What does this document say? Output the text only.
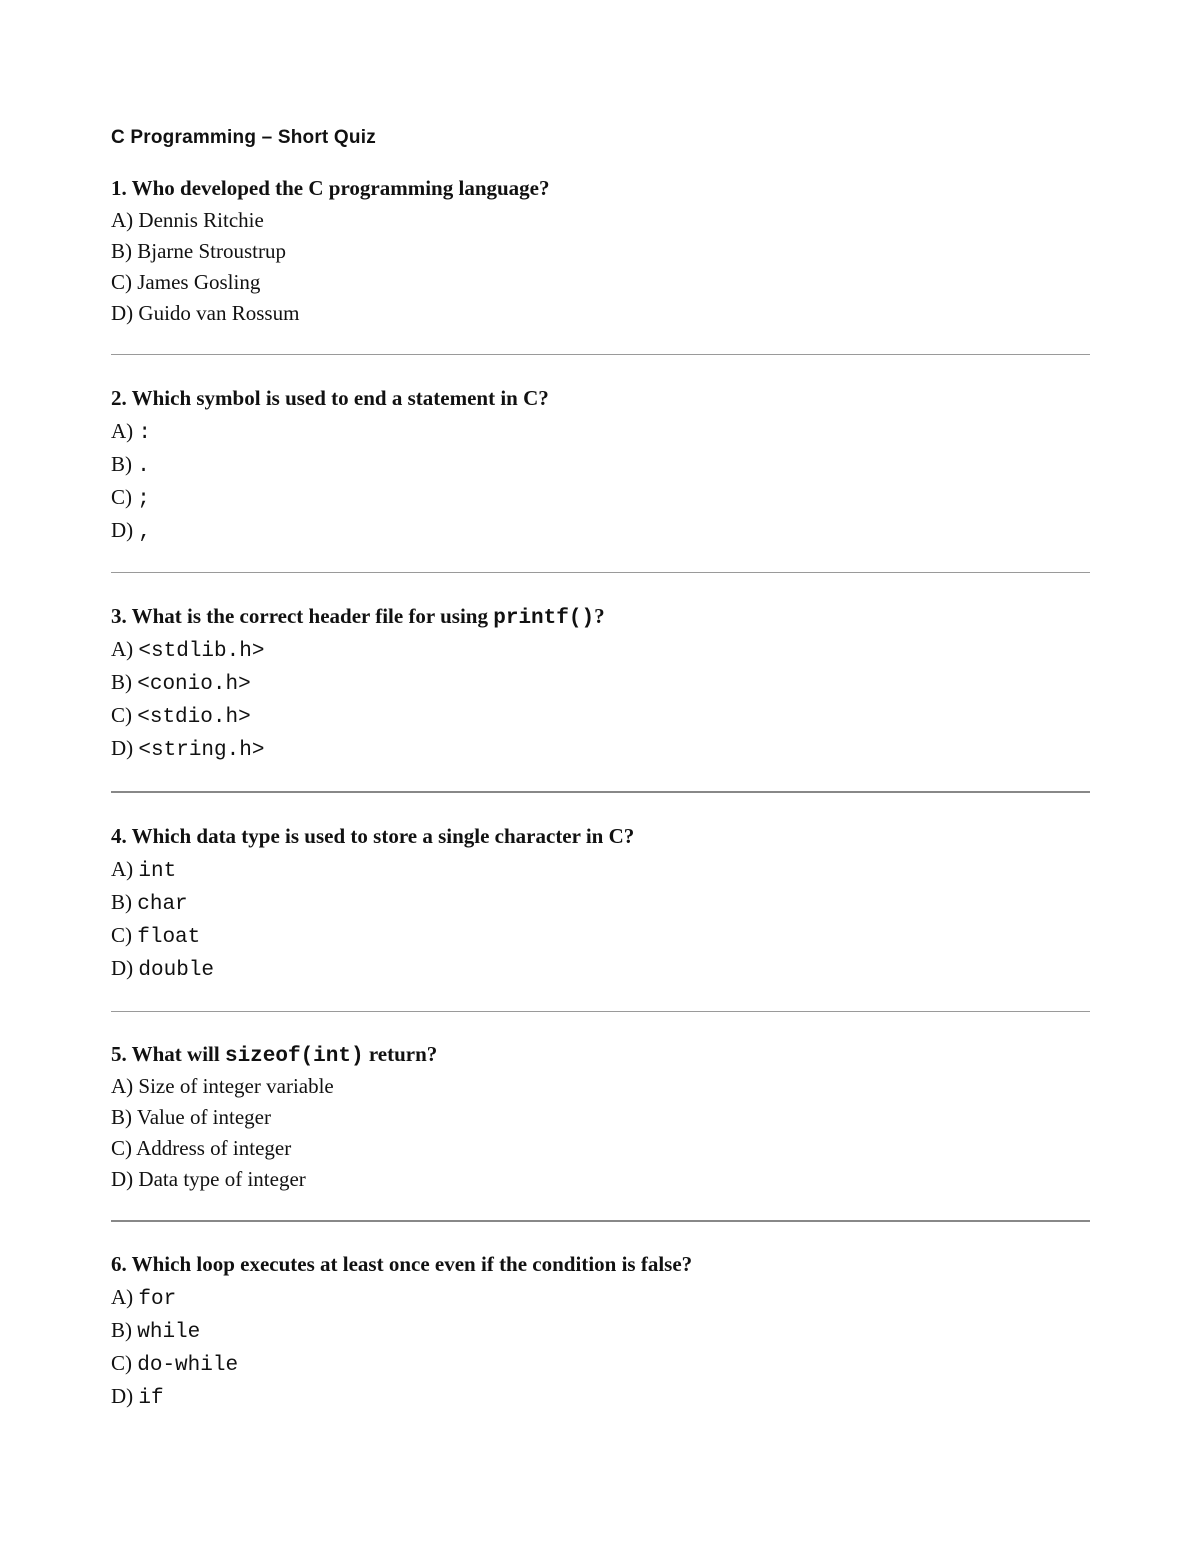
C Programming – Short Quiz
1. Who developed the C programming language?
A) Dennis Ritchie
B) Bjarne Stroustrup
C) James Gosling
D) Guido van Rossum
2. Which symbol is used to end a statement in C?
A) :
B) .
C) ;
D) ,
3. What is the correct header file for using printf()?
A) <stdlib.h>
B) <conio.h>
C) <stdio.h>
D) <string.h>
4. Which data type is used to store a single character in C?
A) int
B) char
C) float
D) double
5. What will sizeof(int) return?
A) Size of integer variable
B) Value of integer
C) Address of integer
D) Data type of integer
6. Which loop executes at least once even if the condition is false?
A) for
B) while
C) do-while
D) if
